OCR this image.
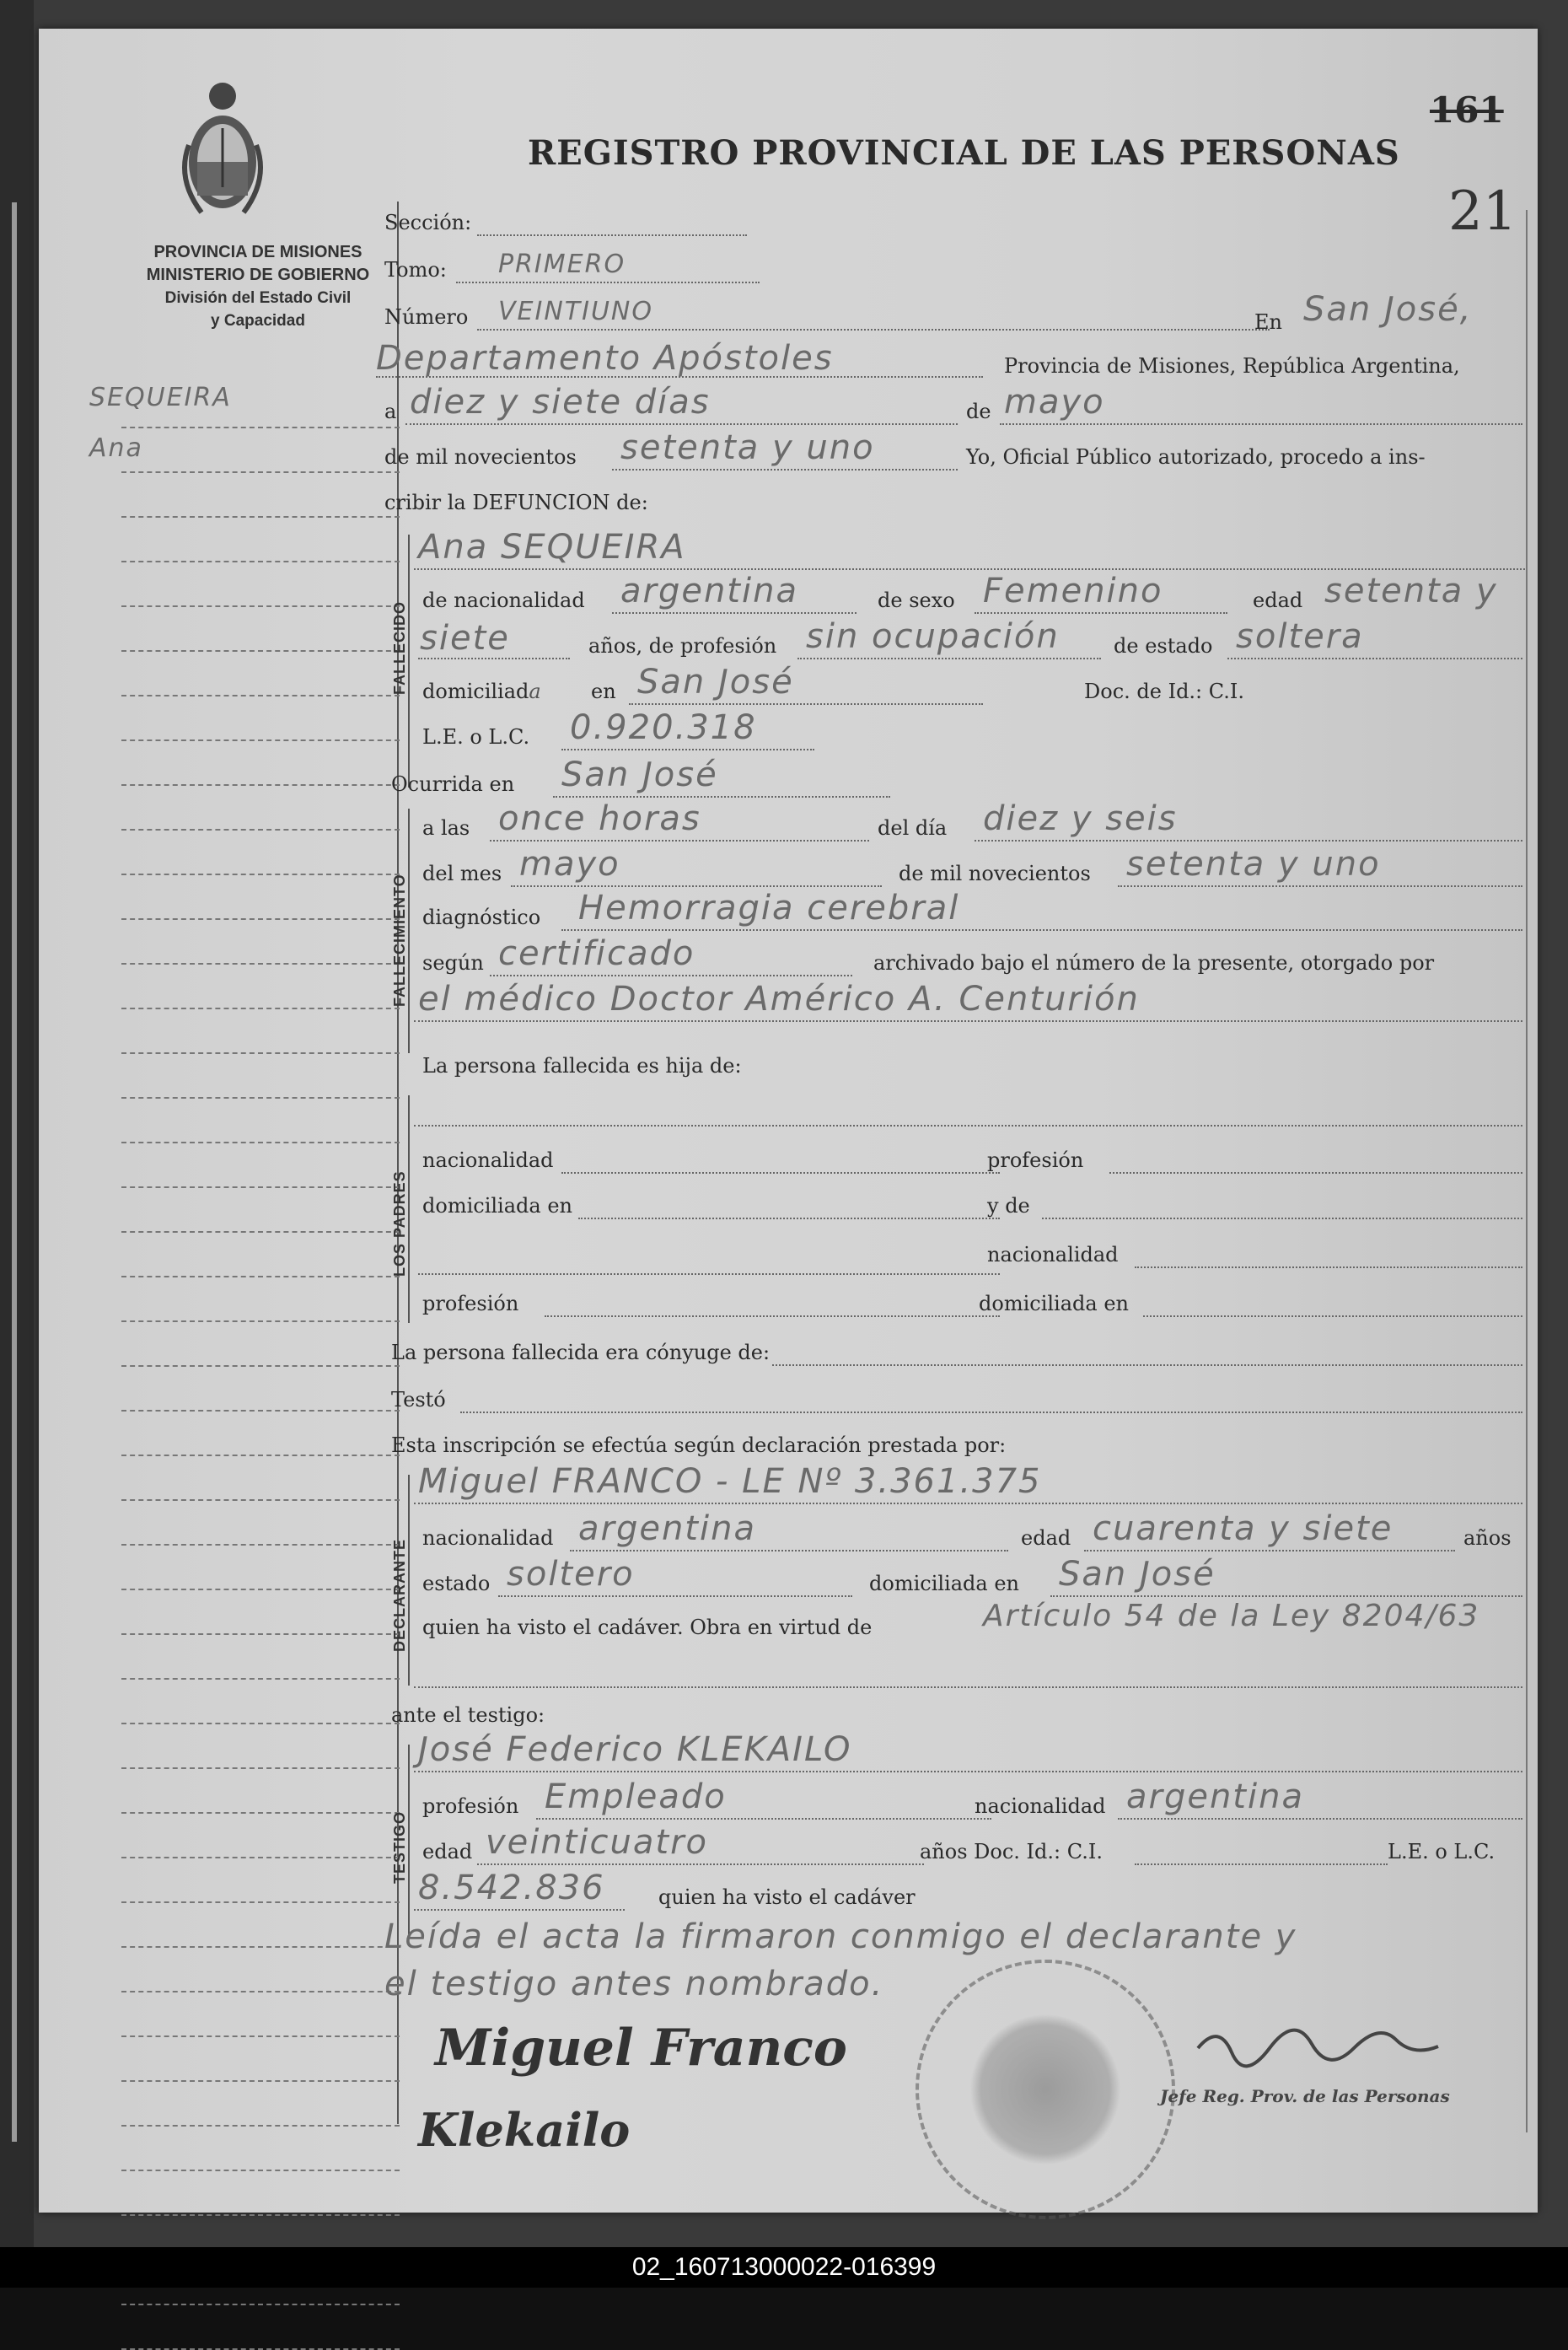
REGISTRO PROVINCIAL DE LAS PERSONAS
161
21
PROVINCIA DE MISIONES
MINISTERIO DE GOBIERNO
División del Estado Civil
y Capacidad
SEQUEIRA
Ana
Sección:
Tomo: PRIMERO
Número VEINTIUNO	En San José,
Departamento Apóstoles	Provincia de Misiones, República Argentina,
a diez y siete días	de mayo
de mil novecientos setenta y uno	Yo, Oficial Público autorizado, procedo a ins-
cribir la DEFUNCION de:
FALLECIDO
Ana SEQUEIRA
de nacionalidad argentina	de sexo Femenino	edad setenta y
siete	años, de profesión sin ocupación	de estado soltera
domiciliada en San José	Doc. de Id.: C.I.
L.E. o L.C. 0.920.318
Ocurrida en San José
FALLECIMIENTO
a las once horas	del día diez y seis
del mes mayo	de mil novecientos setenta y uno
diagnóstico Hemorragia cerebral
según certificado	archivado bajo el número de la presente, otorgado por
el médico Doctor Américo A. Centurión
La persona fallecida es hija de:
LOS PADRES
nacionalidad	profesión
domiciliada en	y de
nacionalidad
profesión	domiciliada en
La persona fallecida era cónyuge de:
Testó
Esta inscripción se efectúa según declaración prestada por:
DECLARANTE
Miguel FRANCO - LE Nº 3.361.375
nacionalidad argentina	edad cuarenta y siete	años
estado soltero	domiciliada en San José
quien ha visto el cadáver. Obra en virtud de	Artículo 54 de la Ley 8204/63
ante el testigo:
TESTIGO
José Federico KLEKAILO
profesión Empleado	nacionalidad argentina
edad veinticuatro	años Doc. Id.: C.I.	L.E. o L.C.
8.542.836	quien ha visto el cadáver
Leída el acta la firmaron conmigo el declarante y
el testigo antes nombrado.
Miguel Franco
Klekailo
Jefe Reg. Prov. de las Personas
02_160713000022-016399
